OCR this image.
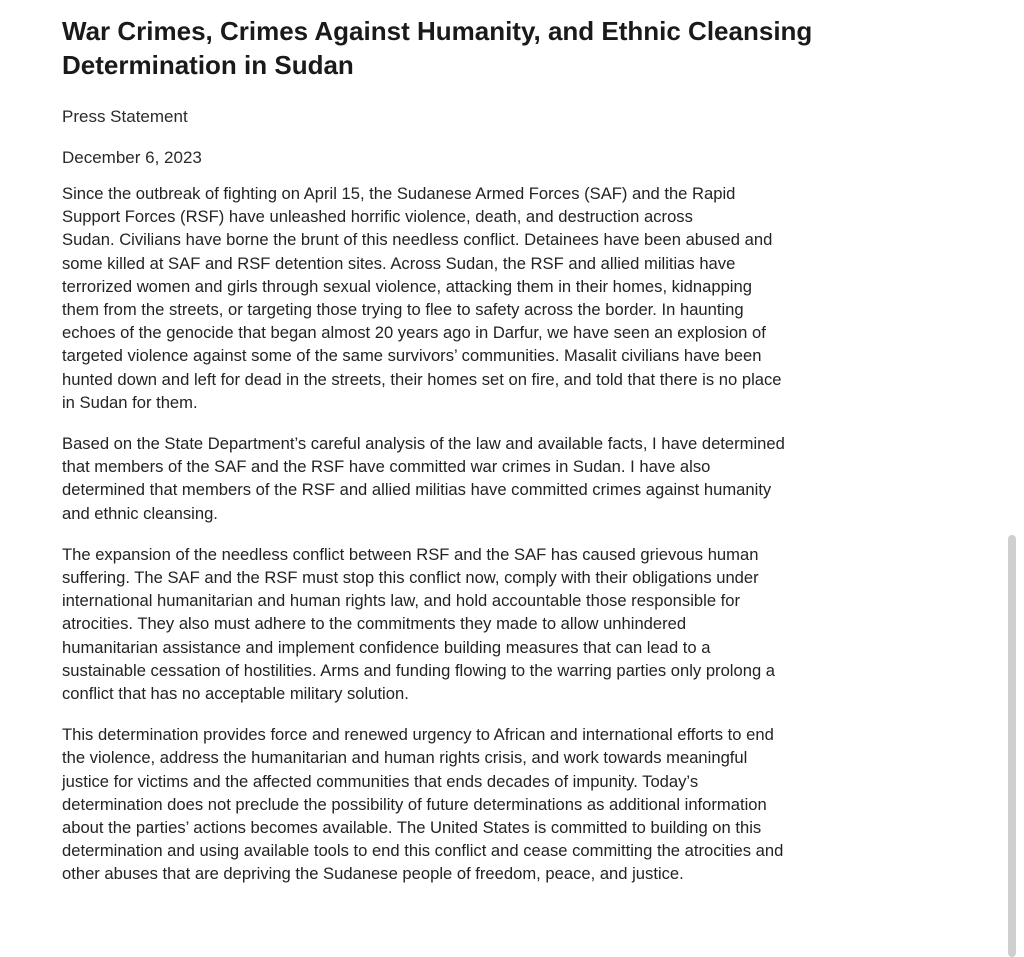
War Crimes, Crimes Against Humanity, and Ethnic Cleansing
Determination in Sudan
Press Statement
December 6, 2023

Since the outbreak of fighting on April 15, the Sudanese Armed Forces (SAF) and the Rapid
Support Forces (RSF) have unleashed horrific violence, death, and destruction across
Sudan. Civilians have borne the brunt of this needless conflict. Detainees have been abused and
some killed at SAF and RSF detention sites. Across Sudan, the RSF and allied militias have
terrorized women and girls through sexual violence, attacking them in their homes, kidnapping
them from the streets, or targeting those trying to flee to safety across the border. In haunting
echoes of the genocide that began almost 20 years ago in Darfur, we have seen an explosion of
targeted violence against some of the same survivors’ communities. Masalit civilians have been
hunted down and left for dead in the streets, their homes set on fire, and told that there is no place
in Sudan for them.

Based on the State Department’s careful analysis of the law and available facts, I have determined
that members of the SAF and the RSF have committed war crimes in Sudan. I have also
determined that members of the RSF and allied militias have committed crimes against humanity
and ethnic cleansing.

The expansion of the needless conflict between RSF and the SAF has caused grievous human
suffering. The SAF and the RSF must stop this conflict now, comply with their obligations under
international humanitarian and human rights law, and hold accountable those responsible for
atrocities. They also must adhere to the commitments they made to allow unhindered
humanitarian assistance and implement confidence building measures that can lead to a
sustainable cessation of hostilities. Arms and funding flowing to the warring parties only prolong a
conflict that has no acceptable military solution.

This determination provides force and renewed urgency to African and international efforts to end
the violence, address the humanitarian and human rights crisis, and work towards meaningful
justice for victims and the affected communities that ends decades of impunity. Today’s
determination does not preclude the possibility of future determinations as additional information
about the parties’ actions becomes available. The United States is committed to building on this
determination and using available tools to end this conflict and cease committing the atrocities and
other abuses that are depriving the Sudanese people of freedom, peace, and justice.
